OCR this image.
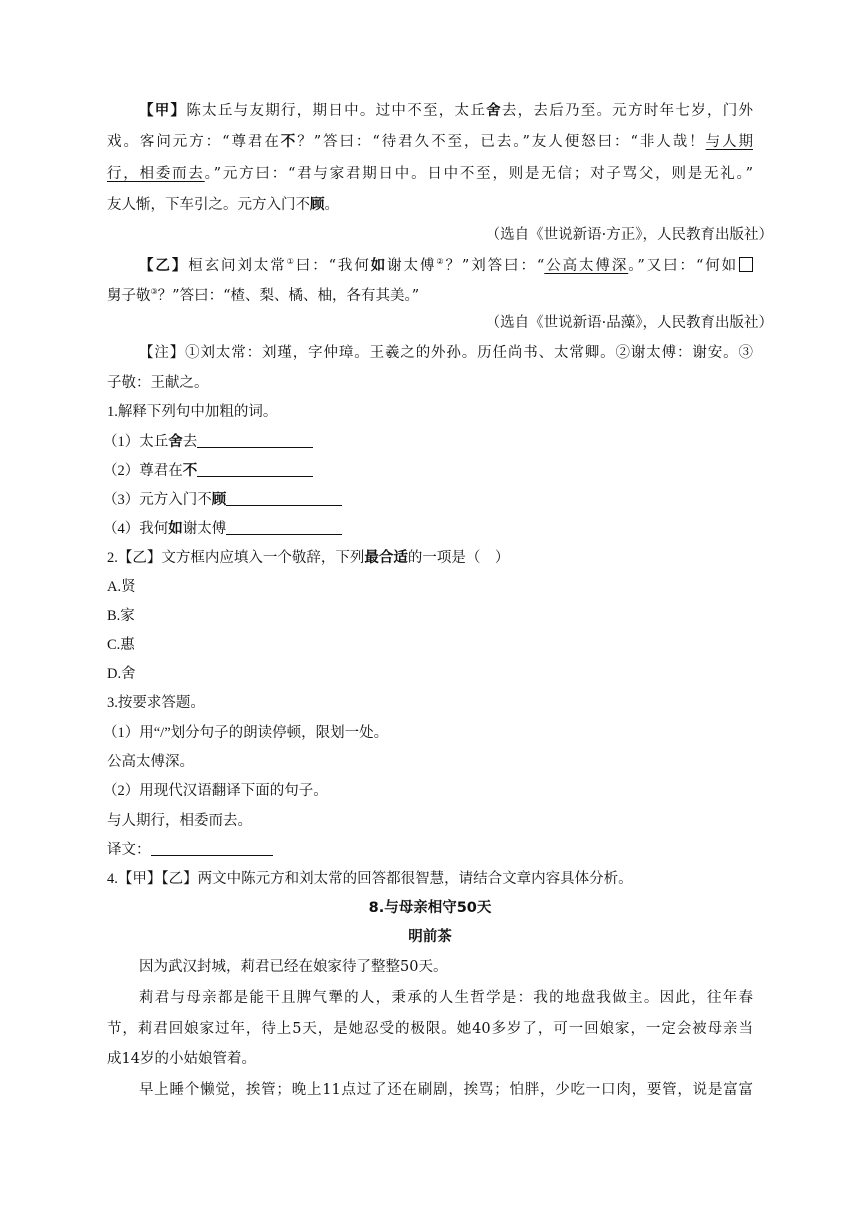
【甲】陈太丘与友期行，期日中。过中不至，太丘舍去，去后乃至。元方时年七岁，门外
戏。客问元方：“尊君在不？”答曰：“待君久不至，已去。”友人便怒曰：“非人哉！与人期
行，相委而去。”元方曰：“君与家君期日中。日中不至，则是无信；对子骂父，则是无礼。”
友人惭，下车引之。元方入门不顾。
（选自《世说新语·方正》，人民教育出版社）
【乙】桓玄问刘太常①曰：“我何如谢太傅②？”刘答曰：“公高太傅深。”又曰：“何如
舅子敬③？”答曰：“楂、梨、橘、柚，各有其美。”
（选自《世说新语·品藻》，人民教育出版社）
【注】①刘太常：刘瑾，字仲璋。王羲之的外孙。历任尚书、太常卿。②谢太傅：谢安。③
子敬：王献之。
1.解释下列句中加粗的词。
（1）太丘舍去
（2）尊君在不
（3）元方入门不顾
（4）我何如谢太傅
2.【乙】文方框内应填入一个敬辞，下列最合适的一项是（　）
A.贤
B.家
C.惠
D.舍
3.按要求答题。
（1）用“/”划分句子的朗读停顿，限划一处。
公高太傅深。
（2）用现代汉语翻译下面的句子。
与人期行，相委而去。
译文：
4.【甲】【乙】两文中陈元方和刘太常的回答都很智慧，请结合文章内容具体分析。
8.与母亲相守50天
明前茶
因为武汉封城，莉君已经在娘家待了整整50天。
莉君与母亲都是能干且脾气犟的人，秉承的人生哲学是：我的地盘我做主。因此，往年春
节，莉君回娘家过年，待上5天，是她忍受的极限。她40多岁了，可一回娘家，一定会被母亲当
成14岁的小姑娘管着。
早上睡个懒觉，挨管；晚上11点过了还在刷剧，挨骂；怕胖，少吃一口肉，要管，说是富富
